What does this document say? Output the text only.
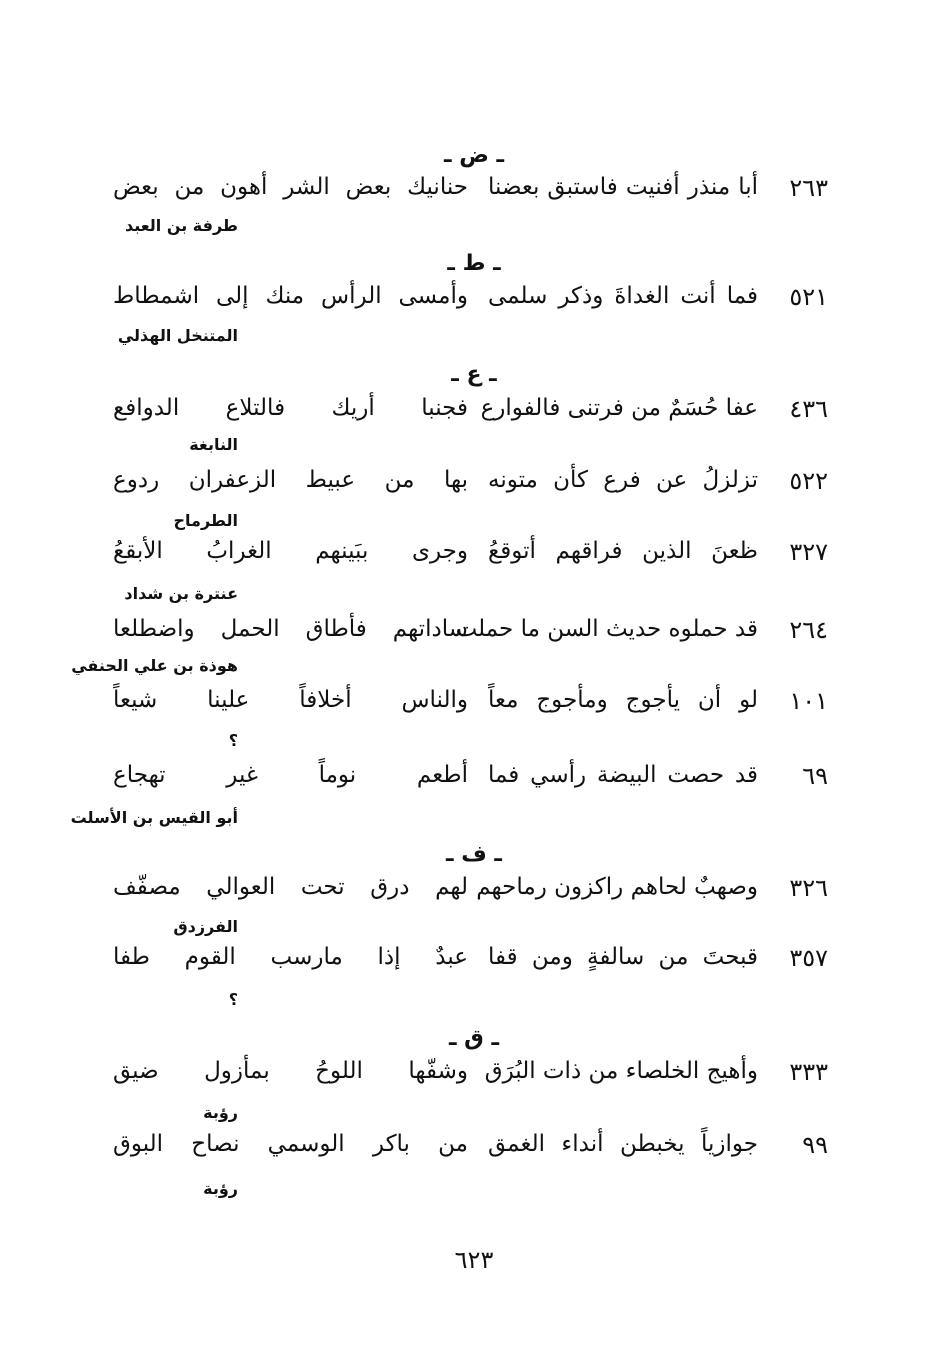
ـ ض ـ
٢٦٣
أبا منذر أفنيت فاستبق بعضنا
حنانيك بعض الشر أهون من بعض
طرفة بن العبد
ـ ط ـ
٥٢١
فما أنت الغداةَ وذكر سلمى
وأمسى الرأس منك إلى اشمطاط
المتنخل الهذلي
ـ ع ـ
٤٣٦
عفا حُسَمٌ من فرتنى فالفوارع
فجنبا أريك فالتلاع الدوافع
النابغة
٥٢٢
تزلزلُ عن فرع كأن متونه
بها من عبيط الزعفران ردوع
الطرماح
٣٢٧
ظعنَ الذين فراقهم أتوقعُ
وجرى ببَينهم الغرابُ الأبقعُ
عنترة بن شداد
٢٦٤
قد حملوه حديث السن ما حملت
ساداتهم فأطاق الحمل واضطلعا
هوذة بن علي الحنفي
١٠١
لو أن يأجوج ومأجوج معاً
والناس أخلافاً علينا شيعاً
؟
٦٩
قد حصت البيضة رأسي فما
أطعم نوماً غير تهجاع
أبو القيس بن الأسلت
ـ ف ـ
٣٢٦
وصهبٌ لحاهم راكزون رماحهم
لهم درق تحت العوالي مصفّف
الفرزدق
٣٥٧
قبحتَ من سالفةٍ ومن قفا
عبدٌ إذا مارسب القوم طفا
؟
ـ ق ـ
٣٣٣
وأهيج الخلصاء من ذات البُرَق
وشفّها اللوحُ بمأزول ضيق
رؤبة
٩٩
جوازياً يخبطن أنداء الغمق
من باكر الوسمي نصاح البوق
رؤبة
٦٢٣
